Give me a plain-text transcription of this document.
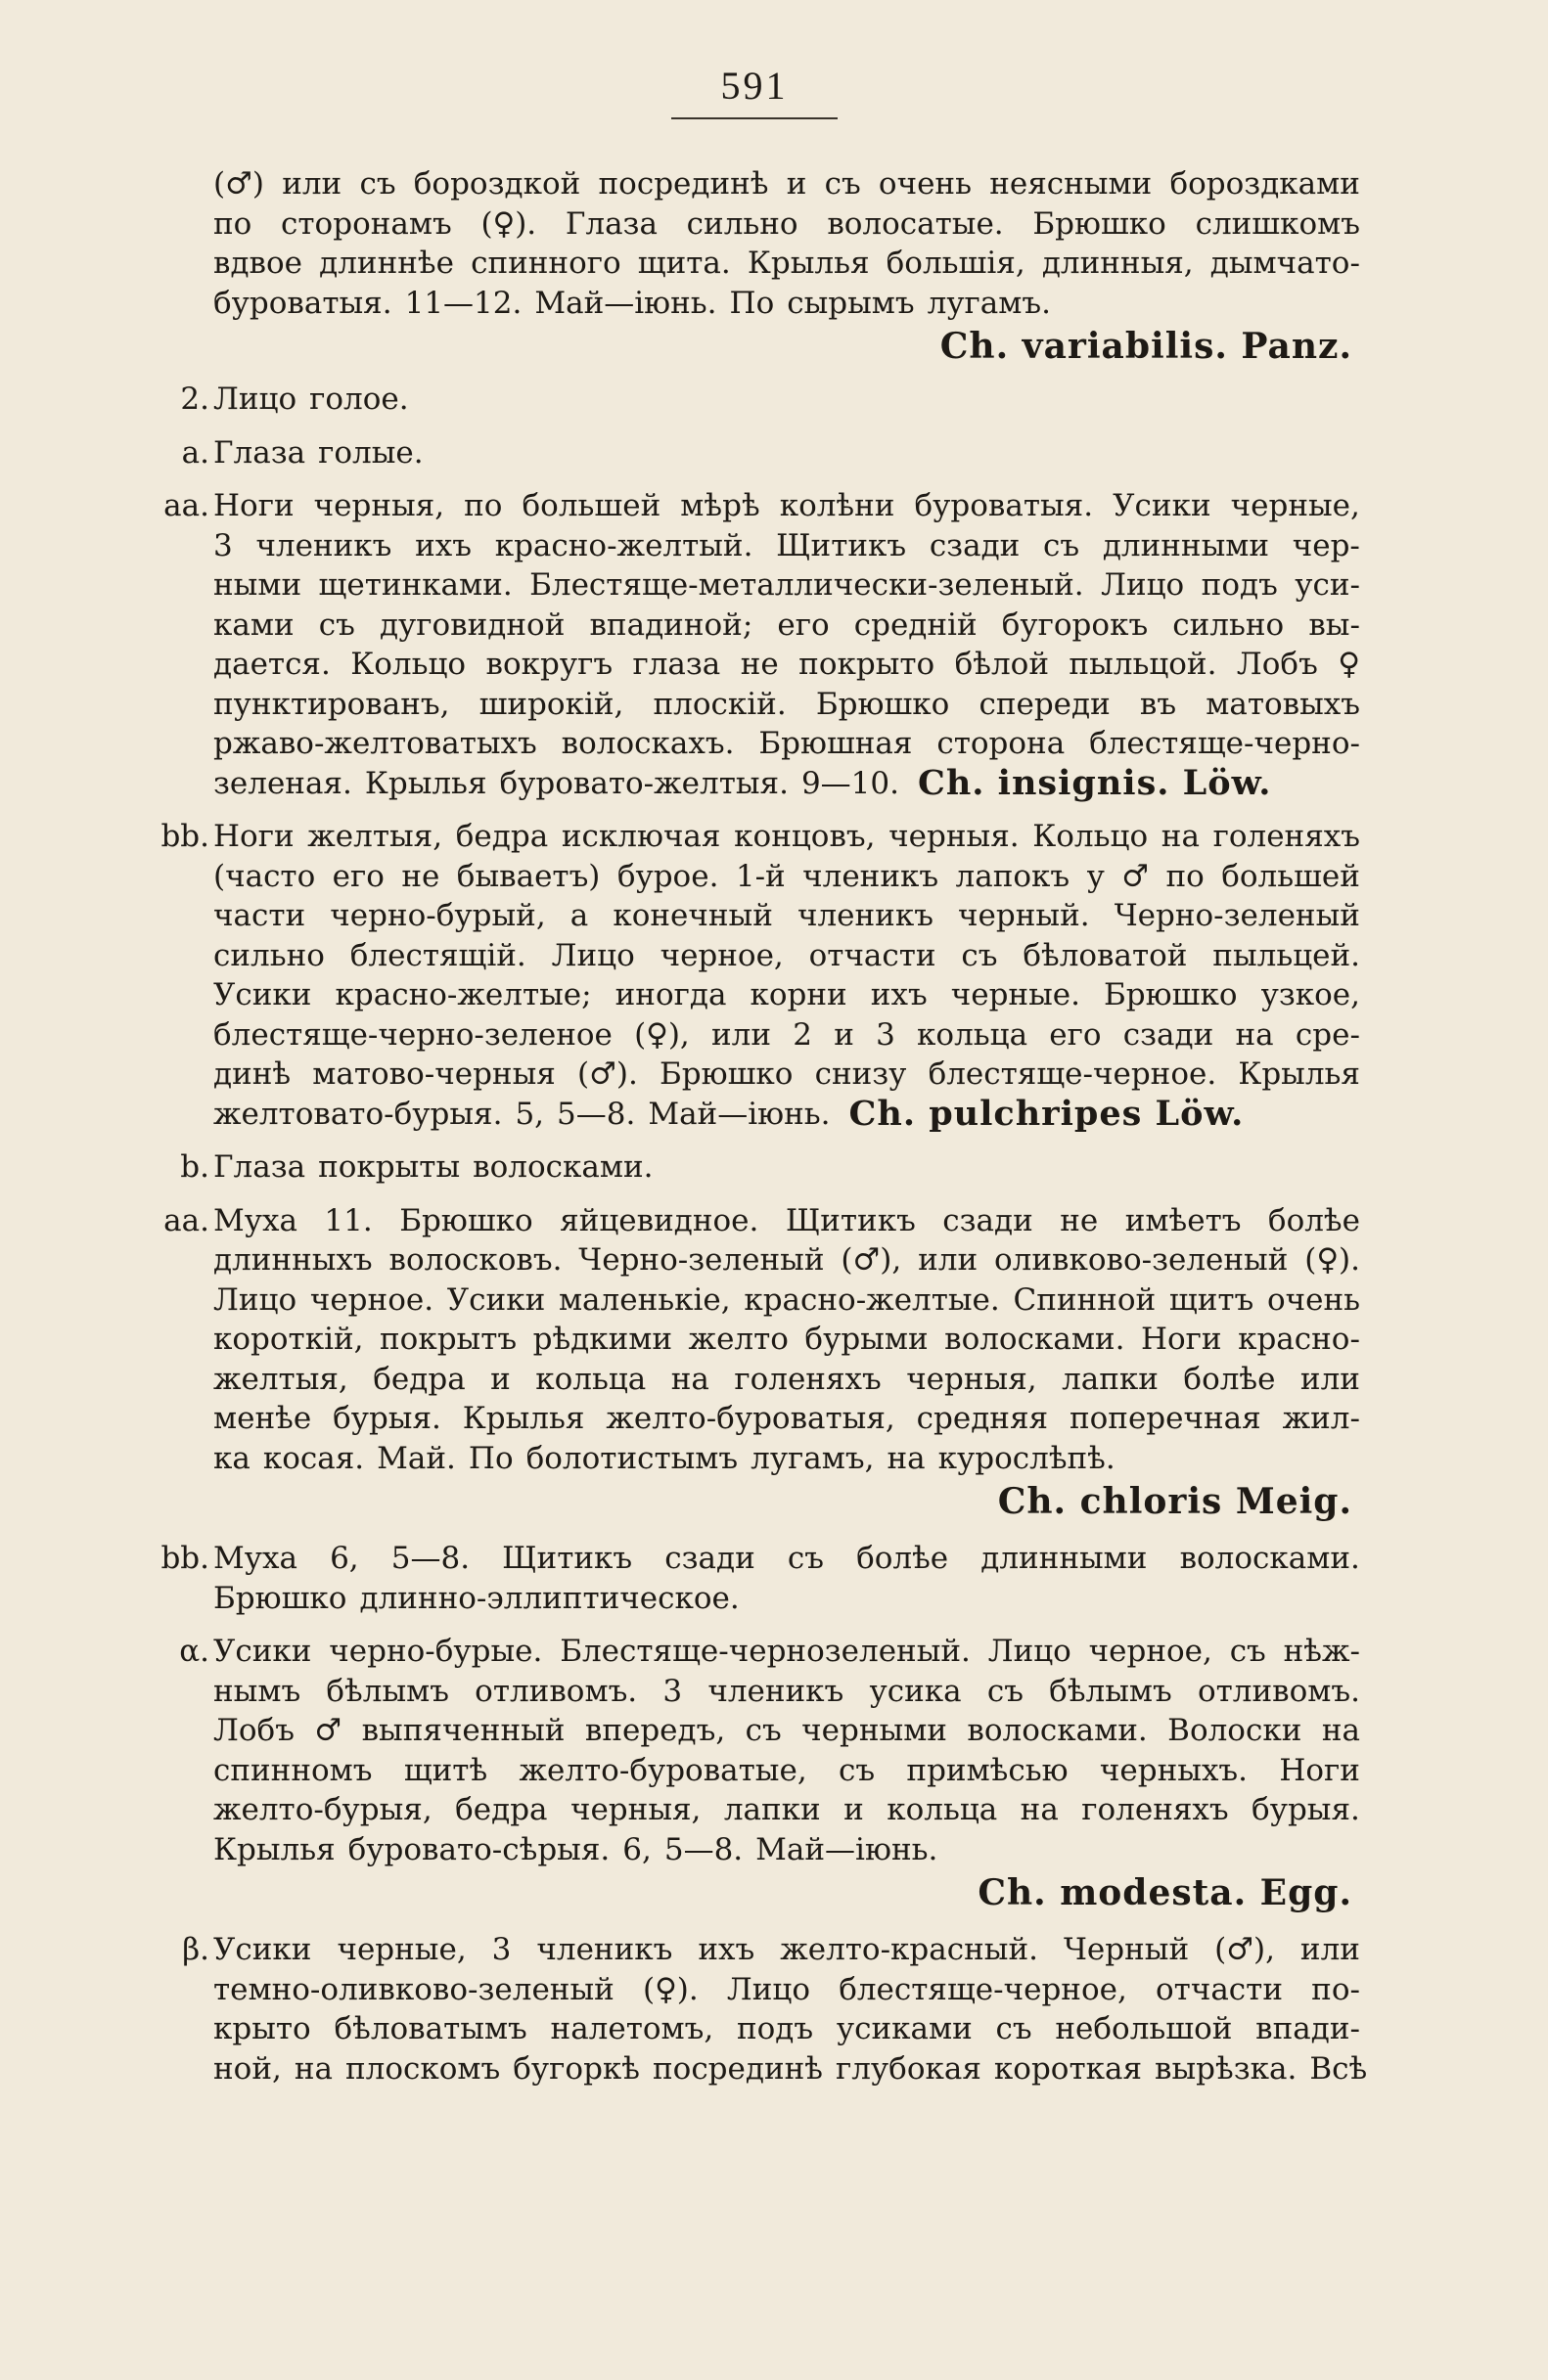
591
(♂) или съ бороздкой посрединѣ и съ очень неясными бороздками
по сторонамъ (♀). Глаза сильно волосатые. Брюшко слишкомъ
вдвое длиннѣе спинного щита. Крылья большія, длинныя, дымчато-
буроватыя. 11—12. Май—іюнь. По сырымъ лугамъ.
Ch. variabilis. Panz.
2. Лицо голое.
a. Глаза голые.
aa. Ноги черныя, по большей мѣрѣ колѣни буроватыя. Усики черные,
3 членикъ ихъ красно-желтый. Щитикъ сзади съ длинными чер-
ными щетинками. Блестяще-металлически-зеленый. Лицо подъ уси-
ками съ дуговидной впадиной; его средній бугорокъ сильно вы-
дается. Кольцо вокругъ глаза не покрыто бѣлой пыльцой. Лобъ ♀
пунктированъ, широкій, плоскій. Брюшко спереди въ матовыхъ
ржаво-желтоватыхъ волоскахъ. Брюшная сторона блестяще-черно-
зеленая. Крылья буровато-желтыя. 9—10. Ch. insignis. Löw.
bb. Ноги желтыя, бедра исключая концовъ, черныя. Кольцо на голеняхъ
(часто его не бываетъ) бурое. 1-й членикъ лапокъ у ♂ по большей
части черно-бурый, а конечный членикъ черный. Черно-зеленый
сильно блестящій. Лицо черное, отчасти съ бѣловатой пыльцей.
Усики красно-желтые; иногда корни ихъ черные. Брюшко узкое,
блестяще-черно-зеленое (♀), или 2 и 3 кольца его сзади на сре-
динѣ матово-черныя (♂). Брюшко снизу блестяще-черное. Крылья
желтовато-бурыя. 5, 5—8. Май—іюнь. Ch. pulchripes Löw.
b. Глаза покрыты волосками.
aa. Муха 11. Брюшко яйцевидное. Щитикъ сзади не имѣетъ болѣе
длинныхъ волосковъ. Черно-зеленый (♂), или оливково-зеленый (♀).
Лицо черное. Усики маленькіе, красно-желтые. Спинной щитъ очень
короткій, покрытъ рѣдкими желто бурыми волосками. Ноги красно-
желтыя, бедра и кольца на голеняхъ черныя, лапки болѣе или
менѣе бурыя. Крылья желто-буроватыя, средняя поперечная жил-
ка косая. Май. По болотистымъ лугамъ, на курослѣпѣ.
Ch. chloris Meig.
bb. Муха 6, 5—8. Щитикъ сзади съ болѣе длинными волосками.
Брюшко длинно-эллиптическое.
α. Усики черно-бурые. Блестяще-чернозеленый. Лицо черное, съ нѣж-
нымъ бѣлымъ отливомъ. 3 членикъ усика съ бѣлымъ отливомъ.
Лобъ ♂ выпяченный впередъ, съ черными волосками. Волоски на
спинномъ щитѣ желто-буроватые, съ примѣсью черныхъ. Ноги
желто-бурыя, бедра черныя, лапки и кольца на голеняхъ бурыя.
Крылья буровато-сѣрыя. 6, 5—8. Май—іюнь.
Ch. modesta. Egg.
β. Усики черные, 3 членикъ ихъ желто-красный. Черный (♂), или
темно-оливково-зеленый (♀). Лицо блестяще-черное, отчасти по-
крыто бѣловатымъ налетомъ, подъ усиками съ небольшой впади-
ной, на плоскомъ бугоркѣ посрединѣ глубокая короткая вырѣзка. Всѣ
